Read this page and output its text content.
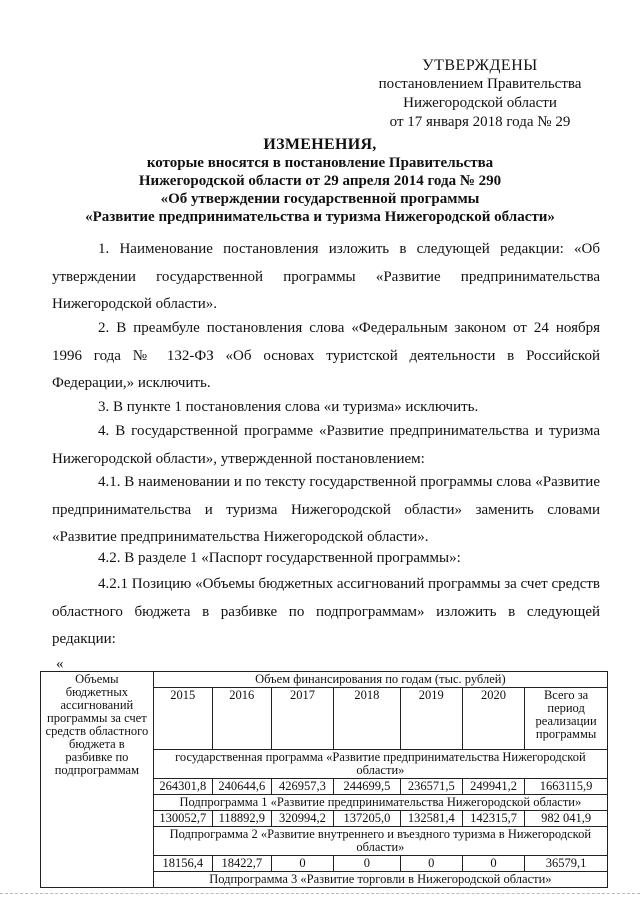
УТВЕРЖДЕНЫ
постановлением Правительства
Нижегородской области
от 17 января 2018 года № 29
ИЗМЕНЕНИЯ,
которые вносятся в постановление Правительства
Нижегородской области от 29 апреля 2014 года № 290
«Об утверждении государственной программы
«Развитие предпринимательства и туризма Нижегородской области»

1. Наименование постановления изложить в следующей редакции: «Об утверждении государственной программы «Развитие предпринимательства Нижегородской области».

2. В преамбуле постановления слова «Федеральным законом от 24 ноября 1996 года № 132-ФЗ «Об основах туристской деятельности в Российской Федерации,» исключить.

3. В пункте 1 постановления слова «и туризма» исключить.

4. В государственной программе «Развитие предпринимательства и туризма Нижегородской области», утвержденной постановлением:

4.1. В наименовании и по тексту государственной программы слова «Развитие предпринимательства и туризма Нижегородской области» заменить словами «Развитие предпринимательства Нижегородской области».

4.2. В разделе 1 «Паспорт государственной программы»:

4.2.1 Позицию «Объемы бюджетных ассигнований программы за счет средств областного бюджета в разбивке по подпрограммам» изложить в следующей редакции:

«
Объемы бюджетных ассигнований программы за счет средств областного бюджета в разбивке по подпрограммам	Объем финансирования по годам (тыс. рублей)						
	2015	2016	2017	2018	2019	2020	Всего за период реализации программы
	государственная программа «Развитие предпринимательства Нижегородской области»						
	264301,8	240644,6	426957,3	244699,5	236571,5	249941,2	1663115,9
	Подпрограмма 1 «Развитие предпринимательства Нижегородской области»						
	130052,7	118892,9	320994,2	137205,0	132581,4	142315,7	982 041,9
	Подпрограмма 2 «Развитие внутреннего и въездного туризма в Нижегородской области»						
	18156,4	18422,7	0	0	0	0	36579,1
	Подпрограмма 3 «Развитие торговли в Нижегородской области»						
